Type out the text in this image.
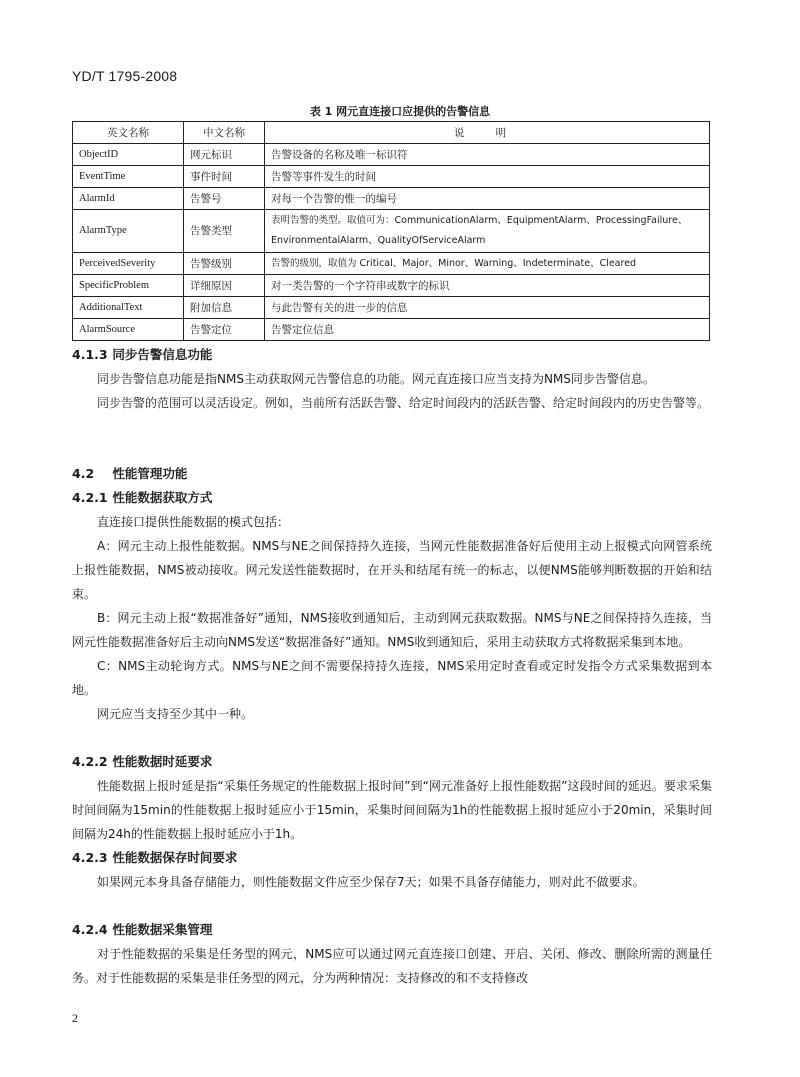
YD/T 1795-2008
表 1 网元直连接口应提供的告警信息
英文名称	中文名称	说 明
ObjectID	网元标识	告警设备的名称及唯一标识符
EventTime	事件时间	告警等事件发生的时间
AlarmId	告警号	对每一个告警的惟一的编号
AlarmType	告警类型	表明告警的类型。取值可为：CommunicationAlarm、EquipmentAlarm、ProcessingFailure、EnvironmentalAlarm、QualityOfServiceAlarm
PerceivedSeverity	告警级别	告警的级别，取值为 Critical、Major、Minor、Warning、Indeterminate、Cleared
SpecificProblem	详细原因	对一类告警的一个字符串或数字的标识
AdditionalText	附加信息	与此告警有关的进一步的信息
AlarmSource	告警定位	告警定位信息
4.1.3 同步告警信息功能
同步告警信息功能是指NMS主动获取网元告警信息的功能。网元直连接口应当支持为NMS同步告警信息。
同步告警的范围可以灵活设定。例如，当前所有活跃告警、给定时间段内的活跃告警、给定时间段内的历史告警等。
4.2 性能管理功能
4.2.1 性能数据获取方式
直连接口提供性能数据的模式包括：
A：网元主动上报性能数据。NMS与NE之间保持持久连接，当网元性能数据准备好后使用主动上报模式向网管系统上报性能数据，NMS被动接收。网元发送性能数据时，在开头和结尾有统一的标志，以便NMS能够判断数据的开始和结束。
B：网元主动上报“数据准备好”通知，NMS接收到通知后，主动到网元获取数据。NMS与NE之间保持持久连接，当网元性能数据准备好后主动向NMS发送“数据准备好”通知。NMS收到通知后，采用主动获取方式将数据采集到本地。
C：NMS主动轮询方式。NMS与NE之间不需要保持持久连接，NMS采用定时查看或定时发指令方式采集数据到本地。
网元应当支持至少其中一种。
4.2.2 性能数据时延要求
性能数据上报时延是指“采集任务规定的性能数据上报时间”到“网元准备好上报性能数据”这段时间的延迟。要求采集时间间隔为15min的性能数据上报时延应小于15min，采集时间间隔为1h的性能数据上报时延应小于20min，采集时间间隔为24h的性能数据上报时延应小于1h。
4.2.3 性能数据保存时间要求
如果网元本身具备存储能力，则性能数据文件应至少保存7天；如果不具备存储能力，则对此不做要求。
4.2.4 性能数据采集管理
对于性能数据的采集是任务型的网元，NMS应可以通过网元直连接口创建、开启、关闭、修改、删除所需的测量任务。对于性能数据的采集是非任务型的网元，分为两种情况：支持修改的和不支持修改
2
